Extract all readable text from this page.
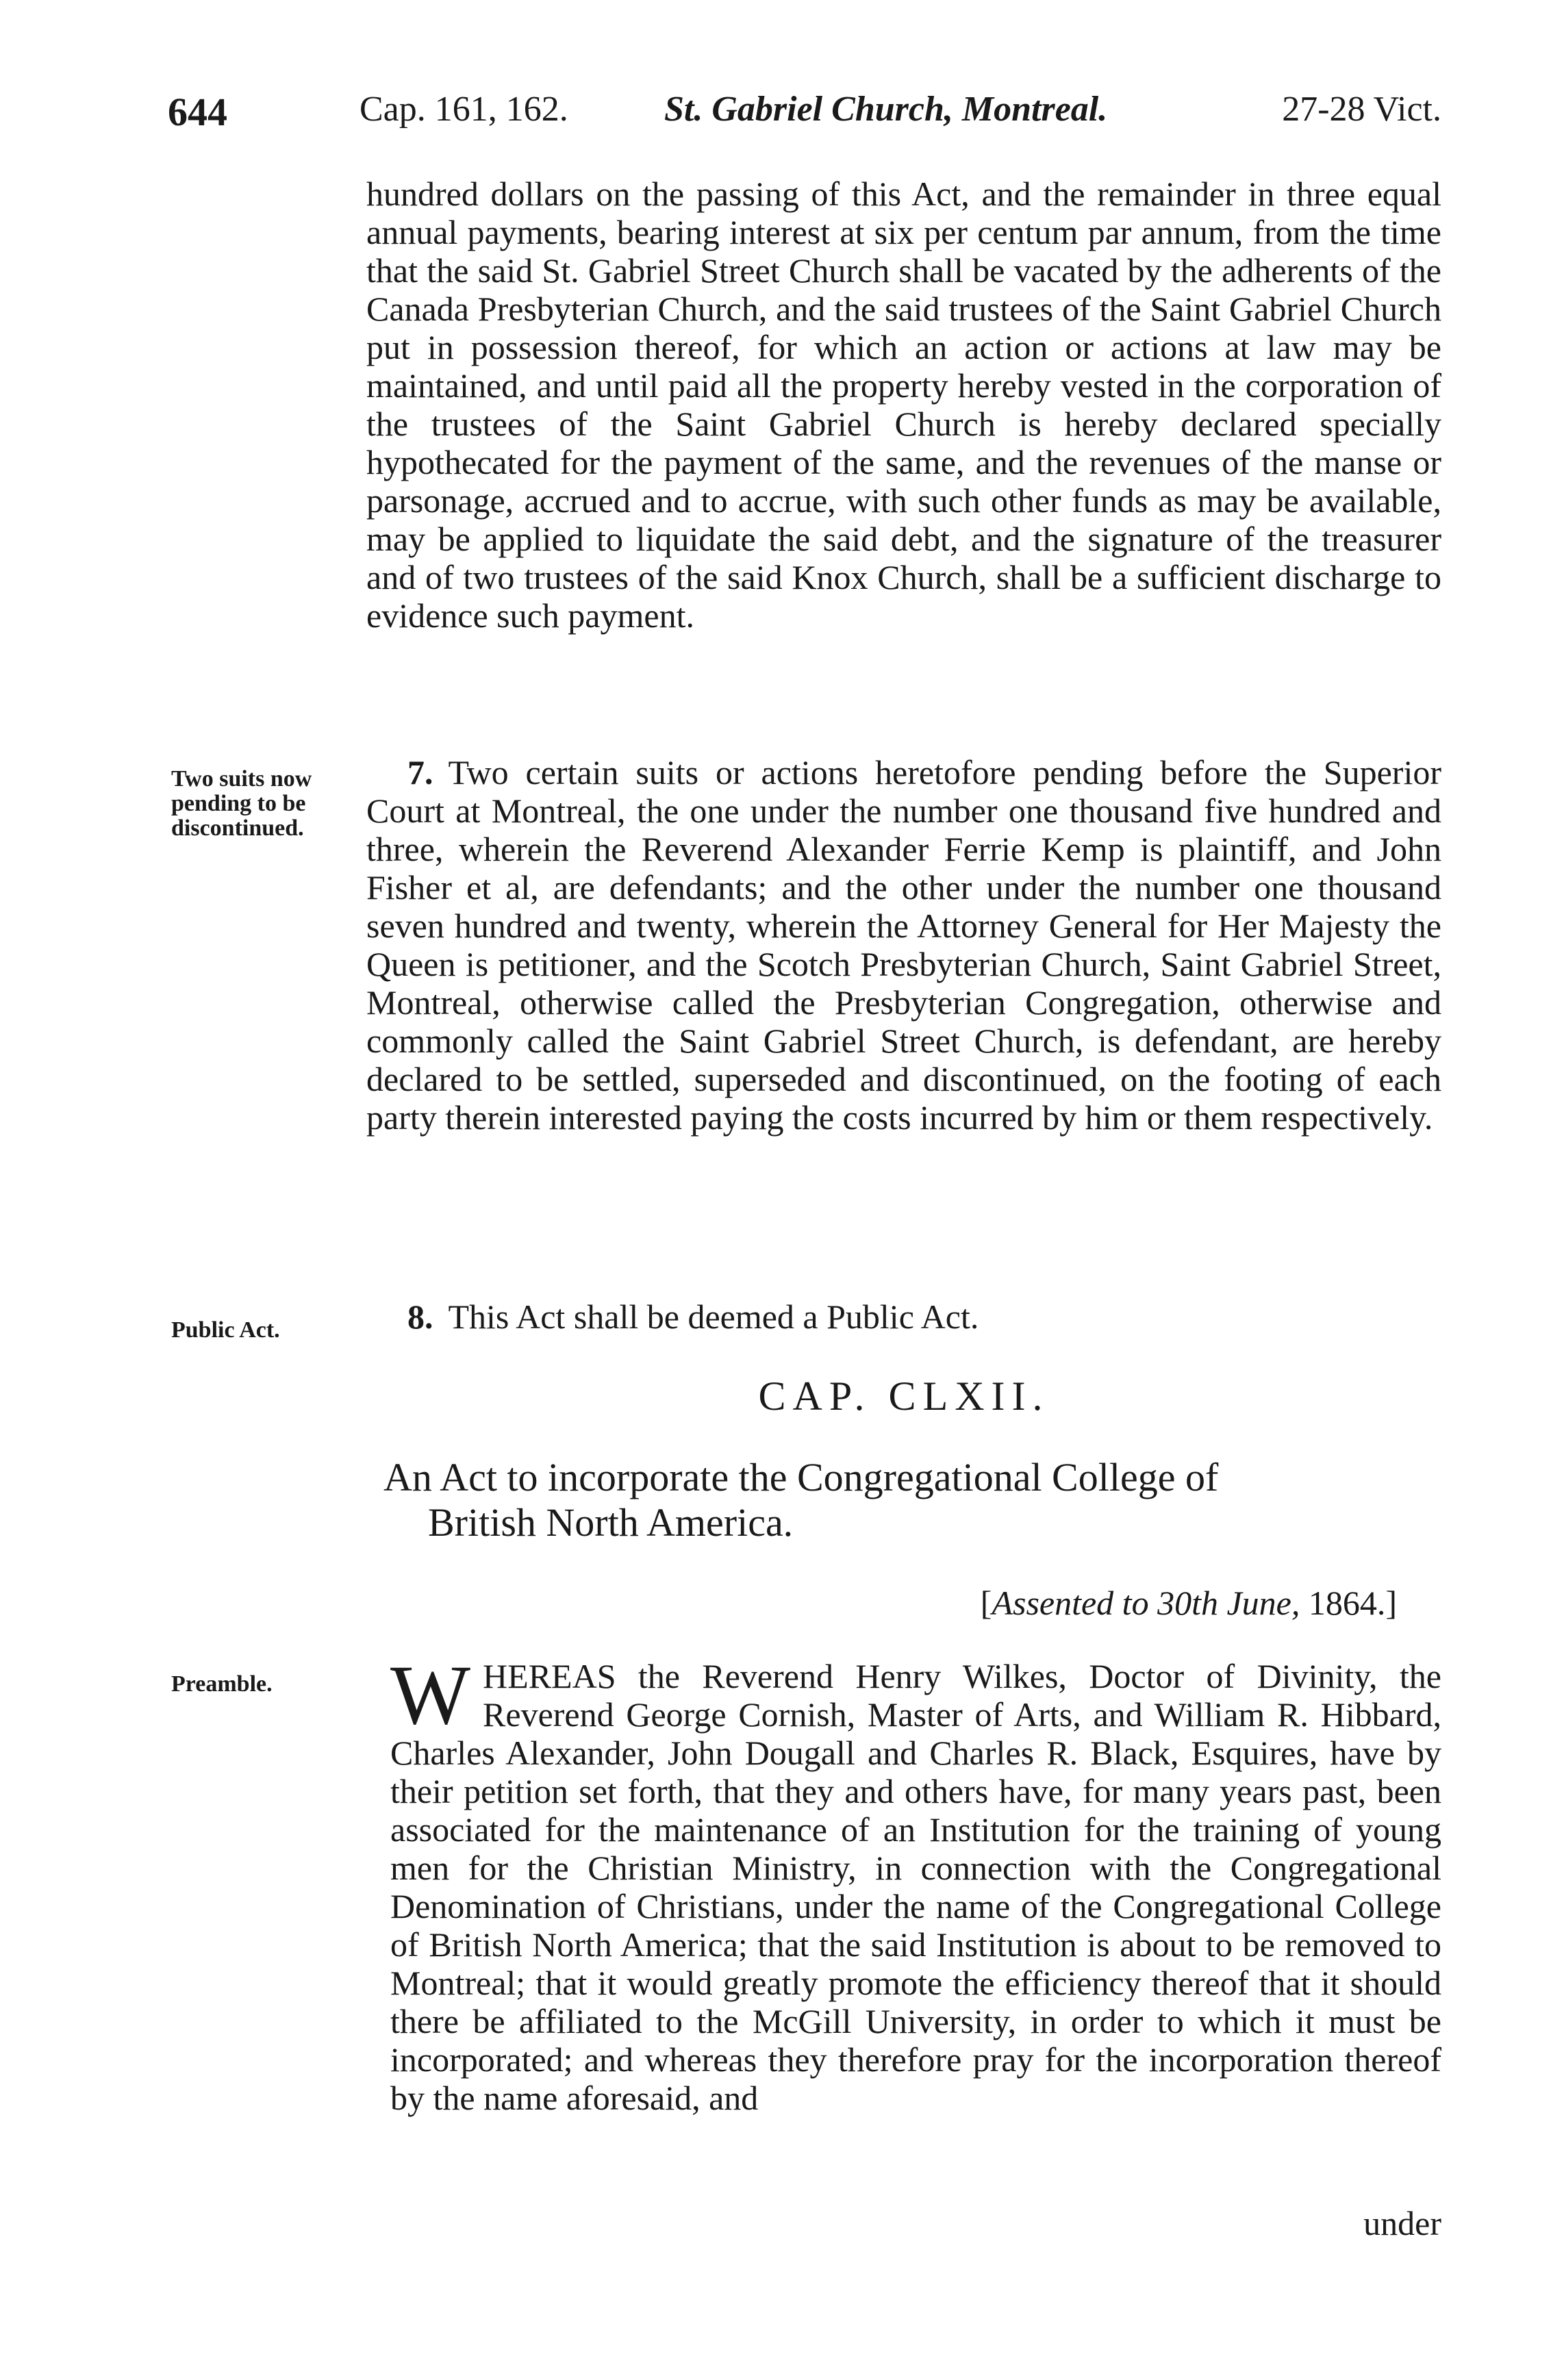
644	Cap. 161, 162.	St. Gabriel Church, Montreal.	27-28 Vict.

hundred dollars on the passing of this Act, and the remainder in three equal annual payments, bearing interest at six per centum par annum, from the time that the said St. Gabriel Street Church shall be vacated by the adherents of the Canada Presbyterian Church, and the said trustees of the Saint Gabriel Church put in possession thereof, for which an action or actions at law may be maintained, and until paid all the property hereby vested in the corporation of the trustees of the Saint Gabriel Church is hereby declared specially hypothecated for the payment of the same, and the revenues of the manse or parsonage, accrued and to accrue, with such other funds as may be available, may be applied to liquidate the said debt, and the signature of the treasurer and of two trustees of the said Knox Church, shall be a sufficient discharge to evidence such payment.

Two suits now pending to be discontinued.
7. Two certain suits or actions heretofore pending before the Superior Court at Montreal, the one under the number one thousand five hundred and three, wherein the Reverend Alexander Ferrie Kemp is plaintiff, and John Fisher et al, are defendants; and the other under the number one thousand seven hundred and twenty, wherein the Attorney General for Her Majesty the Queen is petitioner, and the Scotch Presbyterian Church, Saint Gabriel Street, Montreal, otherwise called the Presbyterian Congregation, otherwise and commonly called the Saint Gabriel Street Church, is defendant, are hereby declared to be settled, superseded and discontinued, on the footing of each party therein interested paying the costs incurred by him or them respectively.
Public Act.	8. This Act shall be deemed a Public Act.
CAP. CLXII.
An Act to incorporate the Congregational College of
British North America.
[Assented to 30th June, 1864.]
Preamble.	WHEREAS the Reverend Henry Wilkes, Doctor of Divinity, the Reverend George Cornish, Master of Arts, and William R. Hibbard, Charles Alexander, John Dougall and Charles R. Black, Esquires, have by their petition set forth, that they and others have, for many years past, been associated for the maintenance of an Institution for the training of young men for the Christian Ministry, in connection with the Congregational Denomination of Christians, under the name of the Congregational College of British North America; that the said Institution is about to be removed to Montreal; that it would greatly promote the efficiency thereof that it should there be affiliated to the McGill University, in order to which it must be incorporated; and whereas they therefore pray for the incorporation thereof by the name aforesaid, and
under
